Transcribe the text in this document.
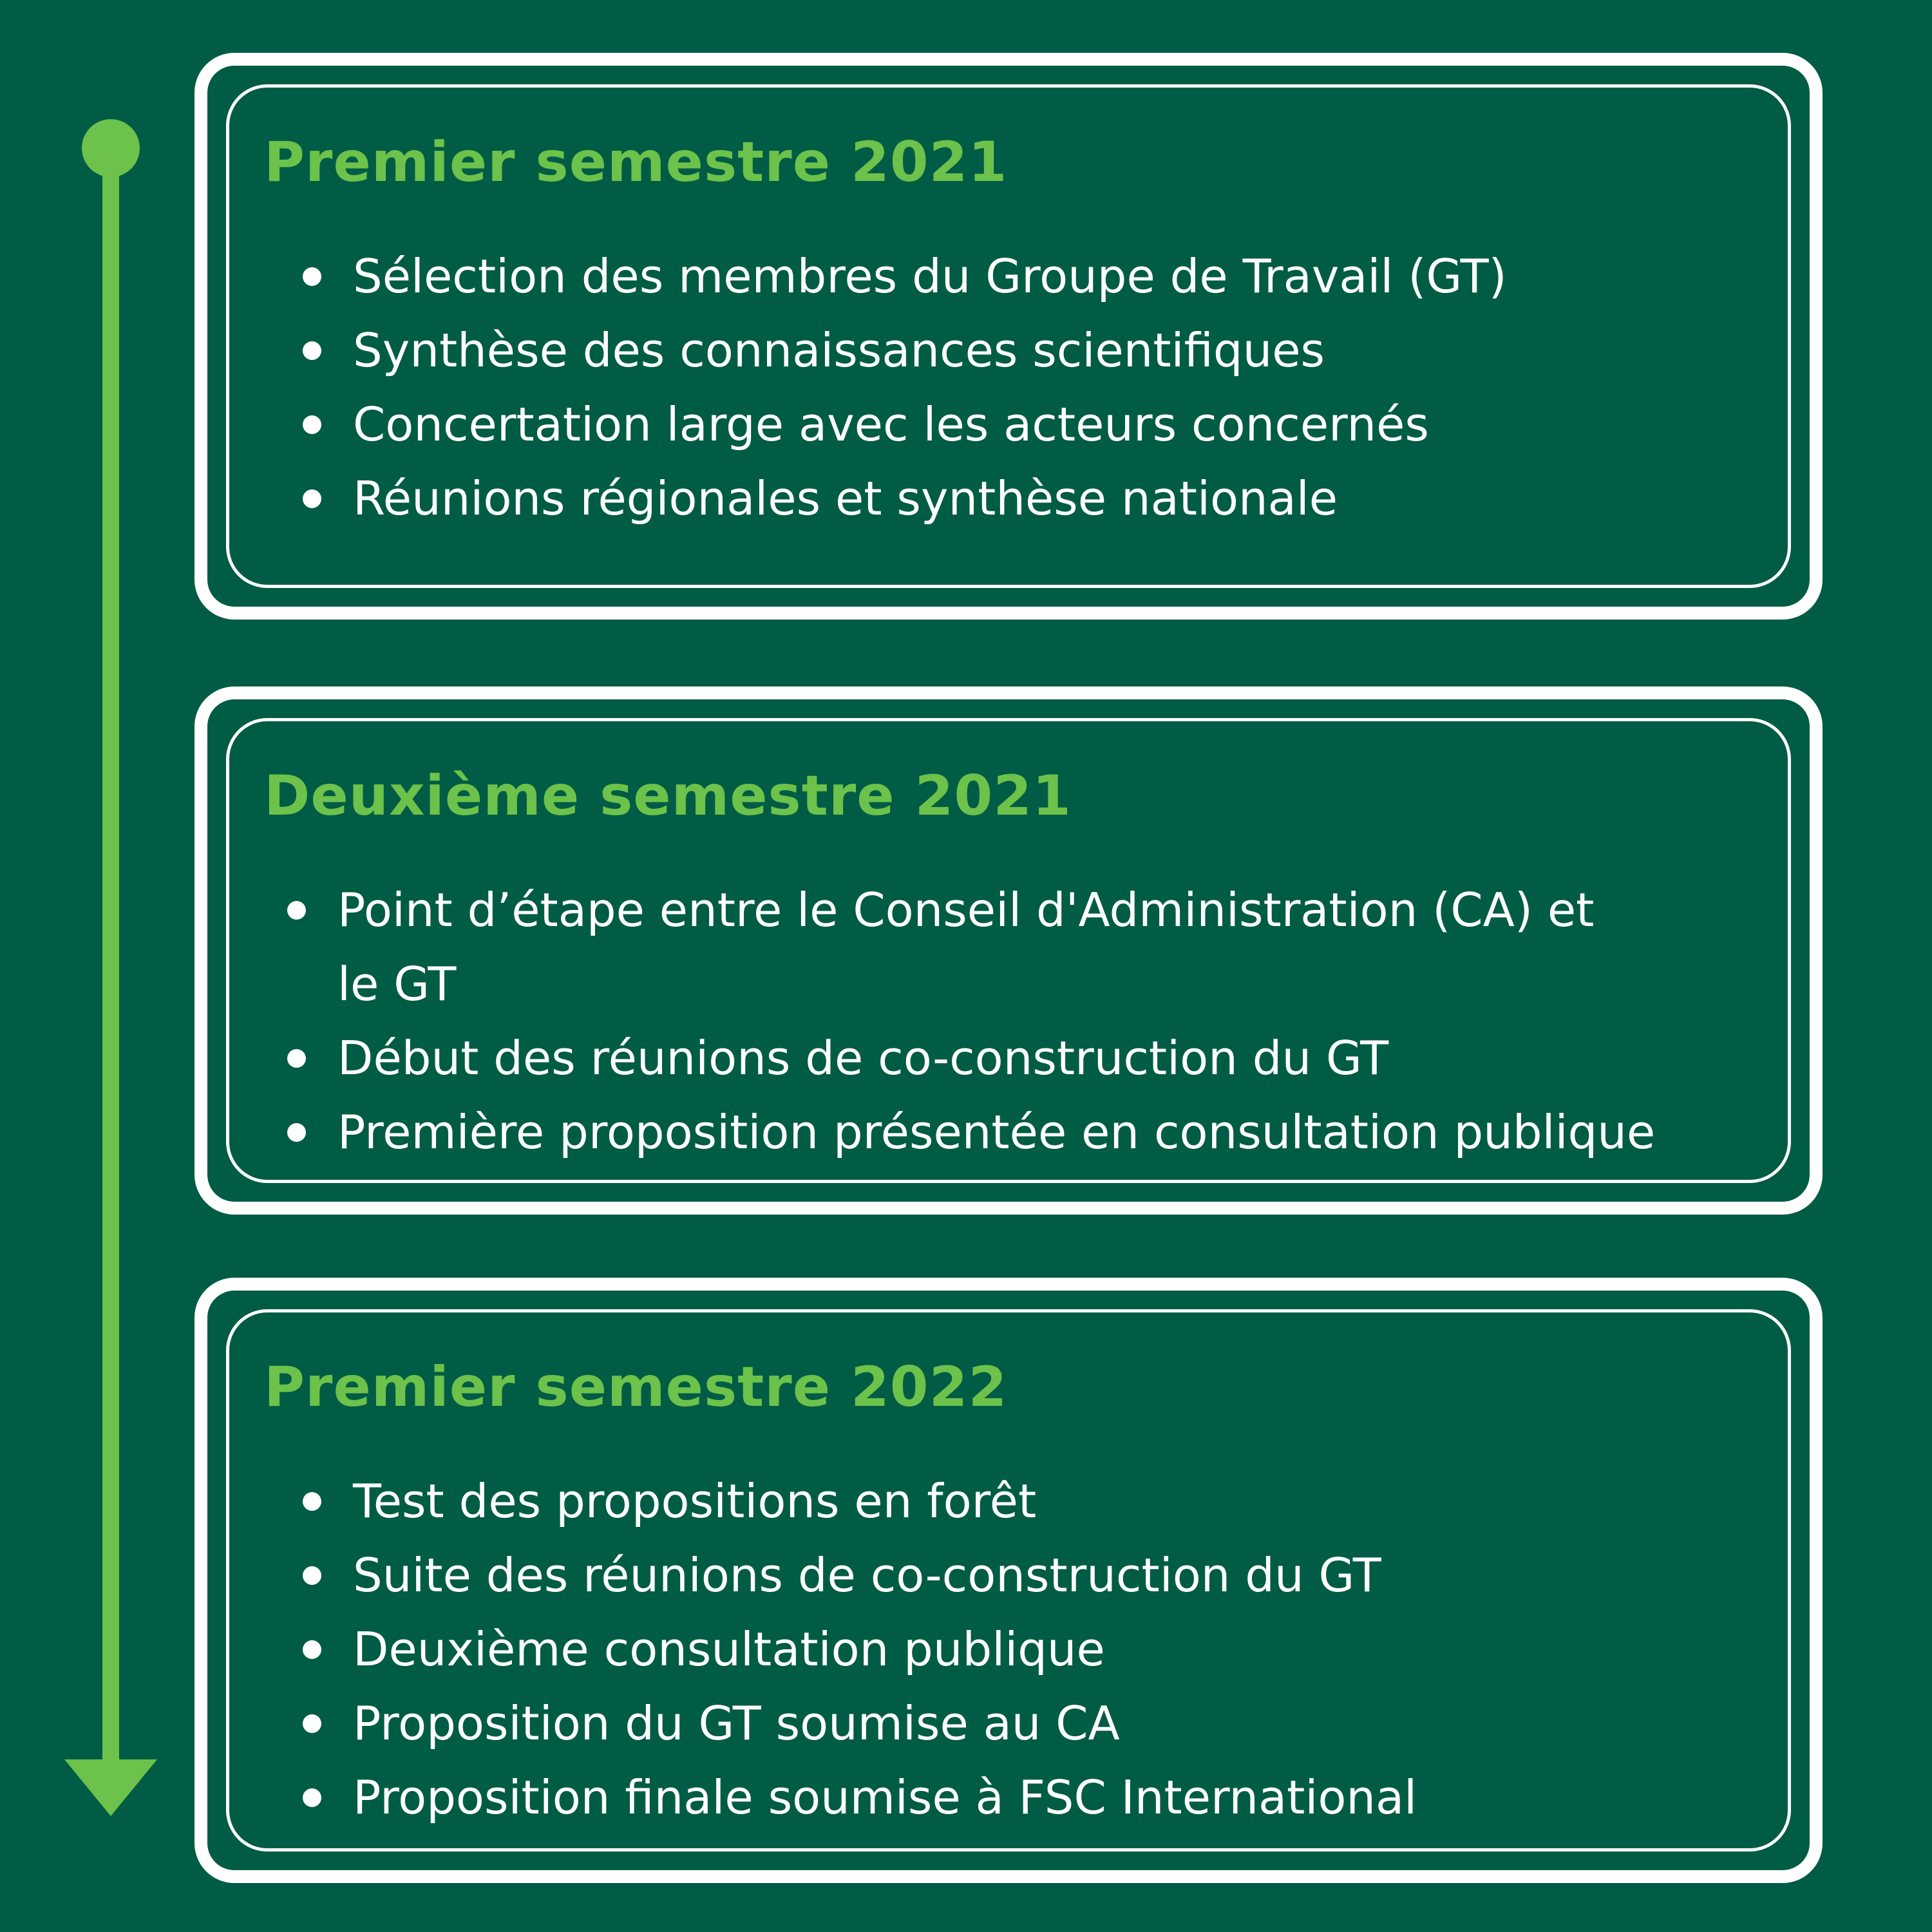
Premier semestre 2021
Sélection des membres du Groupe de Travail (GT)
Synthèse des connaissances scientifiques
Concertation large avec les acteurs concernés
Réunions régionales et synthèse nationale
Deuxième semestre 2021
Point d’étape entre le Conseil d'Administration (CA) et le GT
Début des réunions de co-construction du GT
Première proposition présentée en consultation publique
Premier semestre 2022
Test des propositions en forêt
Suite des réunions de co-construction du GT
Deuxième consultation publique
Proposition du GT soumise au CA
Proposition finale soumise à FSC International
